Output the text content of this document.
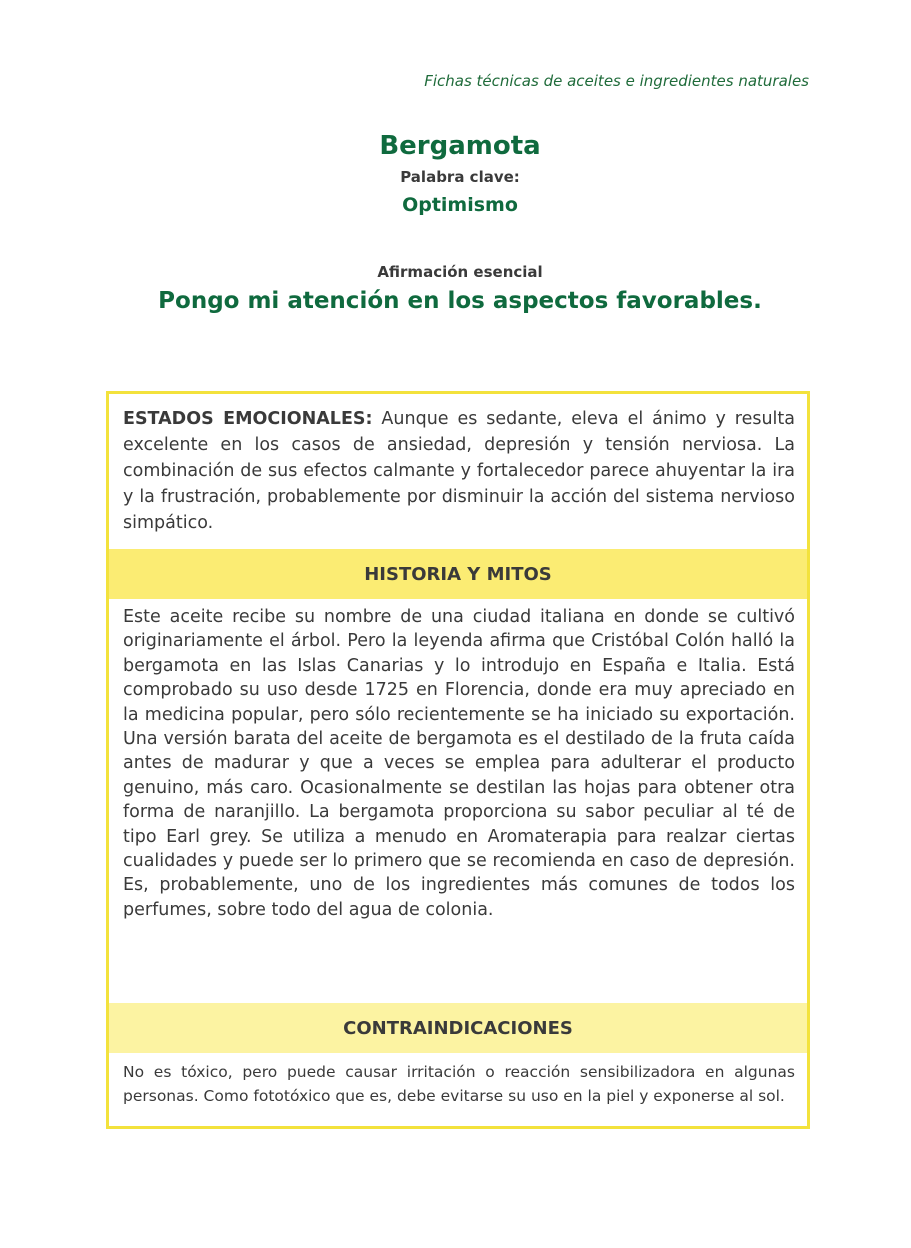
Fichas técnicas de aceites e ingredientes naturales
Bergamota
Palabra clave:
Optimismo
Afirmación esencial
Pongo mi atención en los aspectos favorables.
ESTADOS EMOCIONALES: Aunque es sedante, eleva el ánimo y resulta excelente en los casos de ansiedad, depresión y tensión nerviosa. La combinación de sus efectos calmante y fortalecedor parece ahuyentar la ira y la frustración, probablemente por disminuir la acción del sistema nervioso simpático.
HISTORIA Y MITOS
Este aceite recibe su nombre de una ciudad italiana en donde se cultivó originariamente el árbol. Pero la leyenda afirma que Cristóbal Colón halló la bergamota en las Islas Canarias y lo introdujo en España e Italia. Está comprobado su uso desde 1725 en Florencia, donde era muy apreciado en la medicina popular, pero sólo recientemente se ha iniciado su exportación. Una versión barata del aceite de bergamota es el destilado de la fruta caída antes de madurar y que a veces se emplea para adulterar el producto genuino, más caro. Ocasionalmente se destilan las hojas para obtener otra forma de naranjillo. La bergamota proporciona su sabor peculiar al té de tipo Earl grey. Se utiliza a menudo en Aromaterapia para realzar ciertas cualidades y puede ser lo primero que se recomienda en caso de depresión. Es, probablemente, uno de los ingredientes más comunes de todos los perfumes, sobre todo del agua de colonia.
CONTRAINDICACIONES
No es tóxico, pero puede causar irritación o reacción sensibilizadora en algunas personas. Como fototóxico que es, debe evitarse su uso en la piel y exponerse al sol.
